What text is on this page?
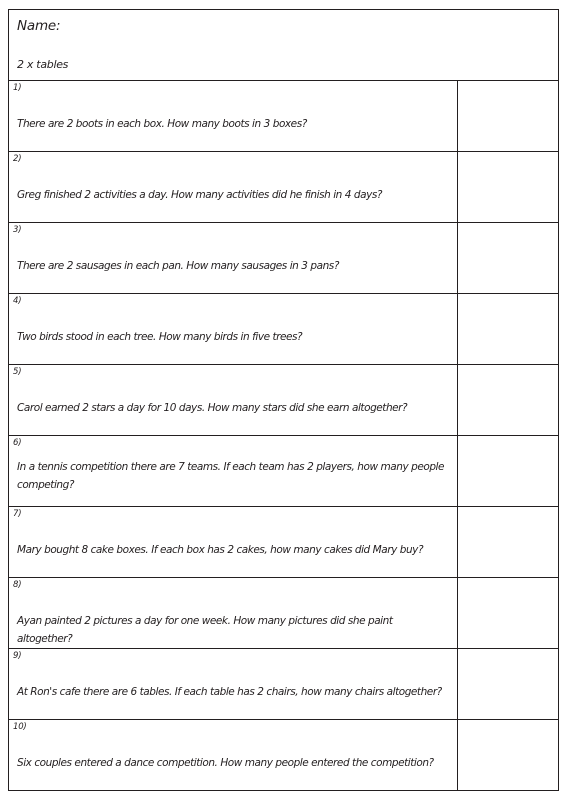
Name:
2 x tables
1)
There are 2 boots in each box. How many boots in 3 boxes?
2)
Greg finished 2 activities a day. How many activities did he finish in 4 days?
3)
There are 2 sausages in each pan. How many sausages in 3 pans?
4)
Two birds stood in each tree. How many birds in five trees?
5)
Carol earned 2 stars a day for 10 days. How many stars did she earn altogether?
6)
In a tennis competition there are 7 teams. If each team has 2 players, how many people competing?
7)
Mary bought 8 cake boxes. If each box has 2 cakes, how many cakes did Mary buy?
8)
Ayan painted 2 pictures a day for one week. How many pictures did she paint altogether?
9)
At Ron's cafe there are 6 tables. If each table has 2 chairs, how many chairs altogether?
10)
Six couples entered a dance competition. How many people entered the competition?
